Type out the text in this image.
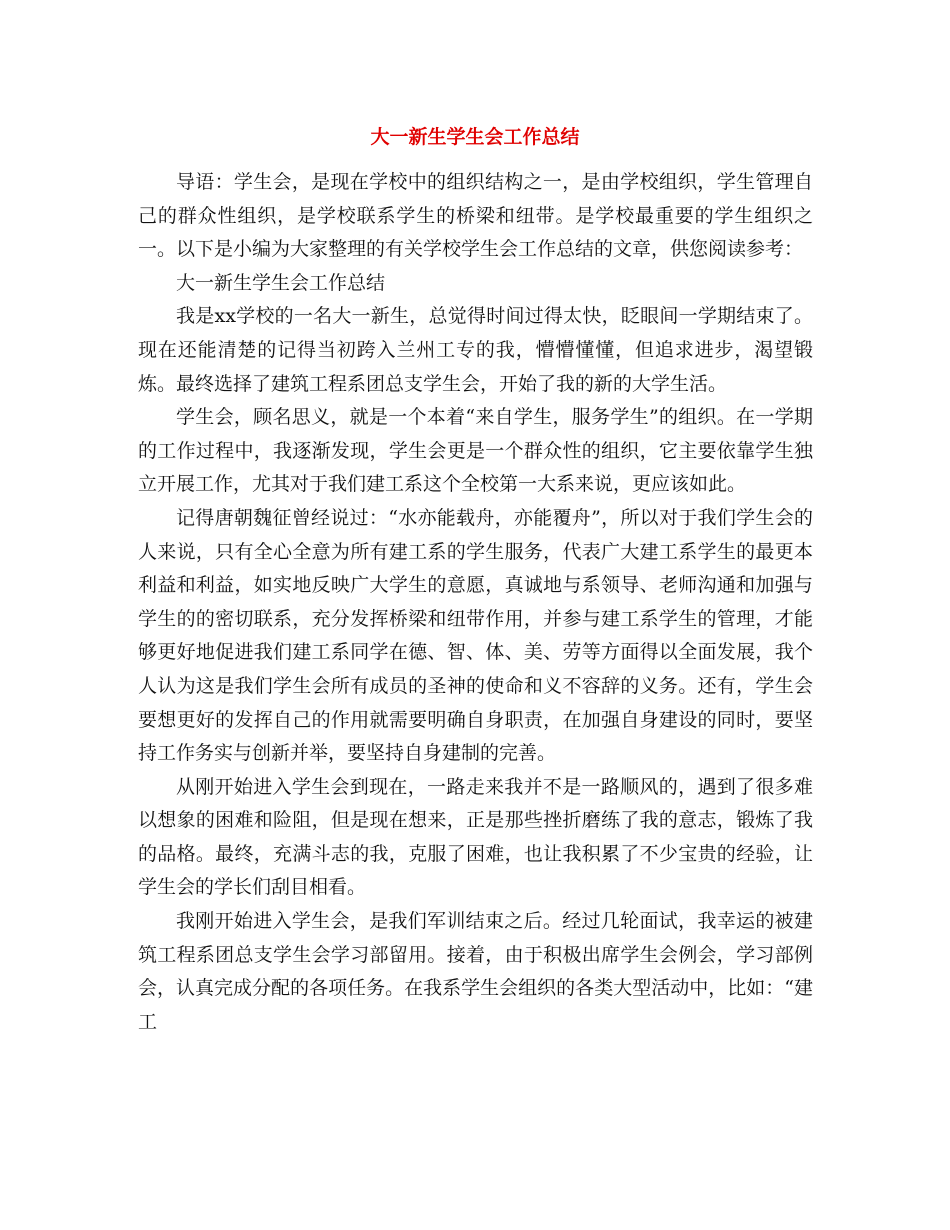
大一新生学生会工作总结

导语：学生会，是现在学校中的组织结构之一，是由学校组织，学生管理自己的群众性组织，是学校联系学生的桥梁和纽带。是学校最重要的学生组织之一。以下是小编为大家整理的有关学校学生会工作总结的文章，供您阅读参考：

大一新生学生会工作总结

我是xx学校的一名大一新生，总觉得时间过得太快，眨眼间一学期结束了。现在还能清楚的记得当初跨入兰州工专的我，懵懵懂懂，但追求进步，渴望锻炼。最终选择了建筑工程系团总支学生会，开始了我的新的大学生活。

学生会，顾名思义，就是一个本着“来自学生，服务学生”的组织。在一学期的工作过程中，我逐渐发现，学生会更是一个群众性的组织，它主要依靠学生独立开展工作，尤其对于我们建工系这个全校第一大系来说，更应该如此。

记得唐朝魏征曾经说过：“水亦能载舟，亦能覆舟”，所以对于我们学生会的人来说，只有全心全意为所有建工系的学生服务，代表广大建工系学生的最更本利益和利益，如实地反映广大学生的意愿，真诚地与系领导、老师沟通和加强与学生的的密切联系，充分发挥桥梁和纽带作用，并参与建工系学生的管理，才能够更好地促进我们建工系同学在德、智、体、美、劳等方面得以全面发展，我个人认为这是我们学生会所有成员的圣神的使命和义不容辞的义务。还有，学生会要想更好的发挥自己的作用就需要明确自身职责，在加强自身建设的同时，要坚持工作务实与创新并举，要坚持自身建制的完善。

从刚开始进入学生会到现在，一路走来我并不是一路顺风的，遇到了很多难以想象的困难和险阻，但是现在想来，正是那些挫折磨练了我的意志，锻炼了我的品格。最终，充满斗志的我，克服了困难，也让我积累了不少宝贵的经验，让学生会的学长们刮目相看。

我刚开始进入学生会，是我们军训结束之后。经过几轮面试，我幸运的被建筑工程系团总支学生会学习部留用。接着，由于积极出席学生会例会，学习部例会，认真完成分配的各项任务。在我系学生会组织的各类大型活动中，比如：“建工
